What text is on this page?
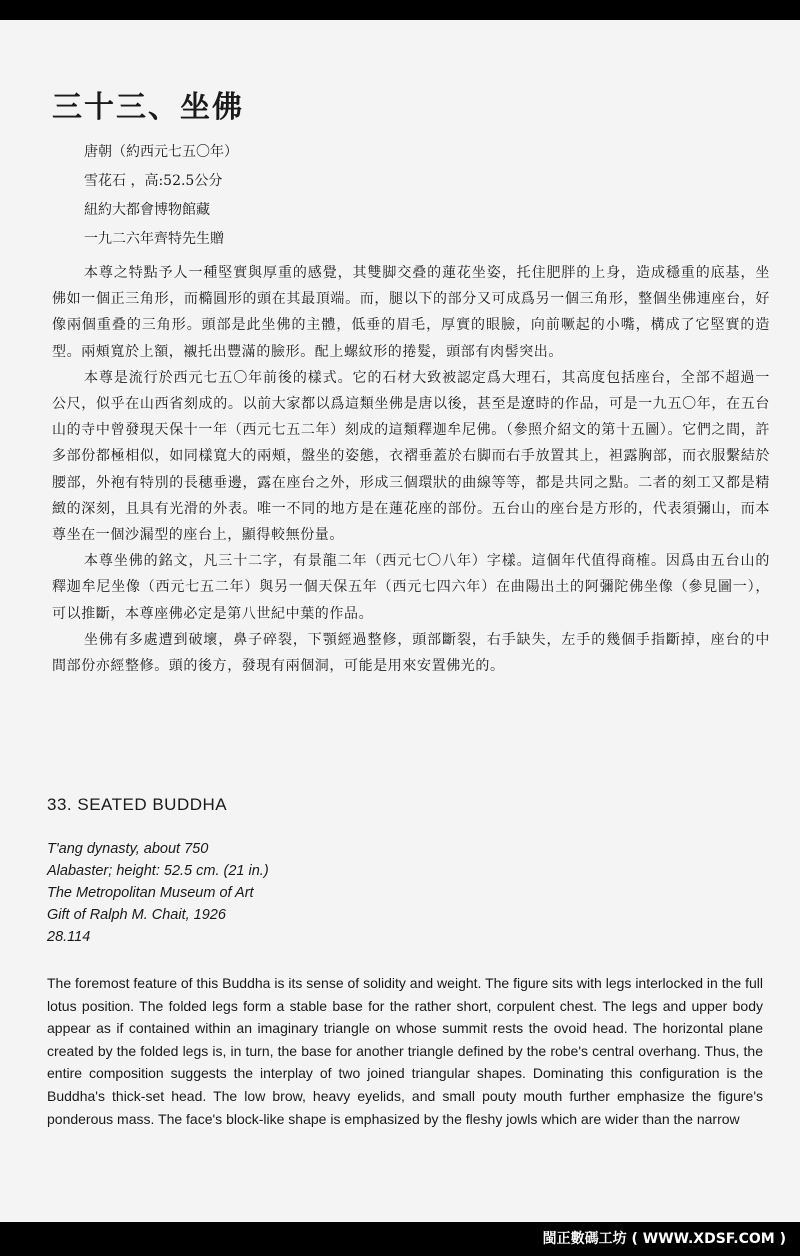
三十三、坐佛
唐朝（約西元七五〇年）
雪花石 ，高:52.5公分
紐約大都會博物館藏
一九二六年齊特先生贈

本尊之特點予人一種堅實與厚重的感覺，其雙脚交叠的蓮花坐姿，托住肥胖的上身，造成穩重的底基，坐佛如一個正三角形，而橢圓形的頭在其最頂端。而，腿以下的部分又可成爲另一個三角形，整個坐佛連座台，好像兩個重叠的三角形。頭部是此坐佛的主體，低垂的眉毛，厚實的眼臉，向前噘起的小嘴，構成了它堅實的造型。兩頰寬於上額，襯托出豐滿的臉形。配上螺紋形的捲髮，頭部有肉髻突出。

本尊是流行於西元七五〇年前後的樣式。它的石材大致被認定爲大理石，其高度包括座台，全部不超過一公尺，似乎在山西省刻成的。以前大家都以爲這類坐佛是唐以後，甚至是遼時的作品，可是一九五〇年，在五台山的寺中曾發現天保十一年（西元七五二年）刻成的這類釋迦牟尼佛。（參照介紹文的第十五圖）。它們之間，許多部份都極相似，如同樣寬大的兩頰，盤坐的姿態，衣褶垂蓋於右脚而右手放置其上，袒露胸部，而衣服繫結於腰部，外袍有特別的長穗垂邊，露在座台之外，形成三個環狀的曲線等等，都是共同之點。二者的刻工又都是精緻的深刻，且具有光滑的外表。唯一不同的地方是在蓮花座的部份。五台山的座台是方形的，代表須彌山，而本尊坐在一個沙漏型的座台上，顯得較無份量。

本尊坐佛的銘文，凡三十二字，有景龍二年（西元七〇八年）字樣。這個年代值得商榷。因爲由五台山的釋迦牟尼坐像（西元七五二年）與另一個天保五年（西元七四六年）在曲陽出土的阿彌陀佛坐像（參見圖一），可以推斷，本尊座佛必定是第八世紀中葉的作品。

坐佛有多處遭到破壞，鼻子碎裂，下顎經過整修，頭部斷裂，右手缺失，左手的幾個手指斷掉，座台的中間部份亦經整修。頭的後方，發現有兩個洞，可能是用來安置佛光的。

33. SEATED BUDDHA
T'ang dynasty, about 750
Alabaster; height: 52.5 cm. (21 in.)
The Metropolitan Museum of Art
Gift of Ralph M. Chait, 1926
28.114

The foremost feature of this Buddha is its sense of solidity and weight. The figure sits with legs interlocked in the full lotus position. The folded legs form a stable base for the rather short, corpulent chest. The legs and upper body appear as if contained within an imaginary triangle on whose summit rests the ovoid head. The horizontal plane created by the folded legs is, in turn, the base for another triangle defined by the robe's central overhang. Thus, the entire composition suggests the interplay of two joined triangular shapes. Dominating this configuration is the Buddha's thick-set head. The low brow, heavy eyelids, and small pouty mouth further emphasize the figure's ponderous mass. The face's block-like shape is emphasized by the fleshy jowls which are wider than the narrow

閩正數碼工坊 ( WWW.XDSF.COM )
